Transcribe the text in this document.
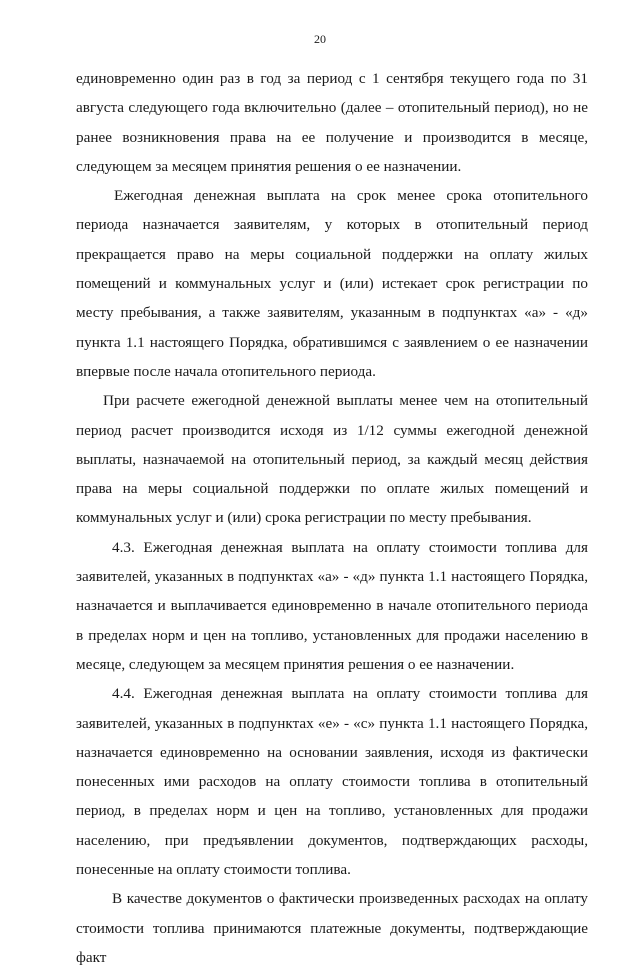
20

единовременно один раз в год за период с 1 сентября текущего года по 31 августа следующего года включительно (далее – отопительный период), но не ранее возникновения права на ее получение и производится в месяце, следующем за месяцем принятия решения о ее назначении.

Ежегодная денежная выплата на срок менее срока отопительного периода назначается заявителям, у которых в отопительный период прекращается право на меры социальной поддержки на оплату жилых помещений и коммунальных услуг и (или) истекает срок регистрации по месту пребывания, а также заявителям, указанным в подпунктах «а» - «д» пункта 1.1 настоящего Порядка, обратившимся с заявлением о ее назначении впервые после начала отопительного периода.

При расчете ежегодной денежной выплаты менее чем на отопительный период расчет производится исходя из 1/12 суммы ежегодной денежной выплаты, назначаемой на отопительный период, за каждый месяц действия права на меры социальной поддержки по оплате жилых помещений и коммунальных услуг и (или) срока регистрации по месту пребывания.

4.3. Ежегодная денежная выплата на оплату стоимости топлива для заявителей, указанных в подпунктах «а» - «д» пункта 1.1 настоящего Порядка, назначается и выплачивается единовременно в начале отопительного периода в пределах норм и цен на топливо, установленных для продажи населению в месяце, следующем за месяцем принятия решения о ее назначении.

4.4. Ежегодная денежная выплата на оплату стоимости топлива для заявителей, указанных в подпунктах «е» - «с» пункта 1.1 настоящего Порядка, назначается единовременно на основании заявления, исходя из фактически понесенных ими расходов на оплату стоимости топлива в отопительный период, в пределах норм и цен на топливо, установленных для продажи населению, при предъявлении документов, подтверждающих расходы, понесенные на оплату стоимости топлива.

В качестве документов о фактически произведенных расходах на оплату стоимости топлива принимаются платежные документы, подтверждающие факт
